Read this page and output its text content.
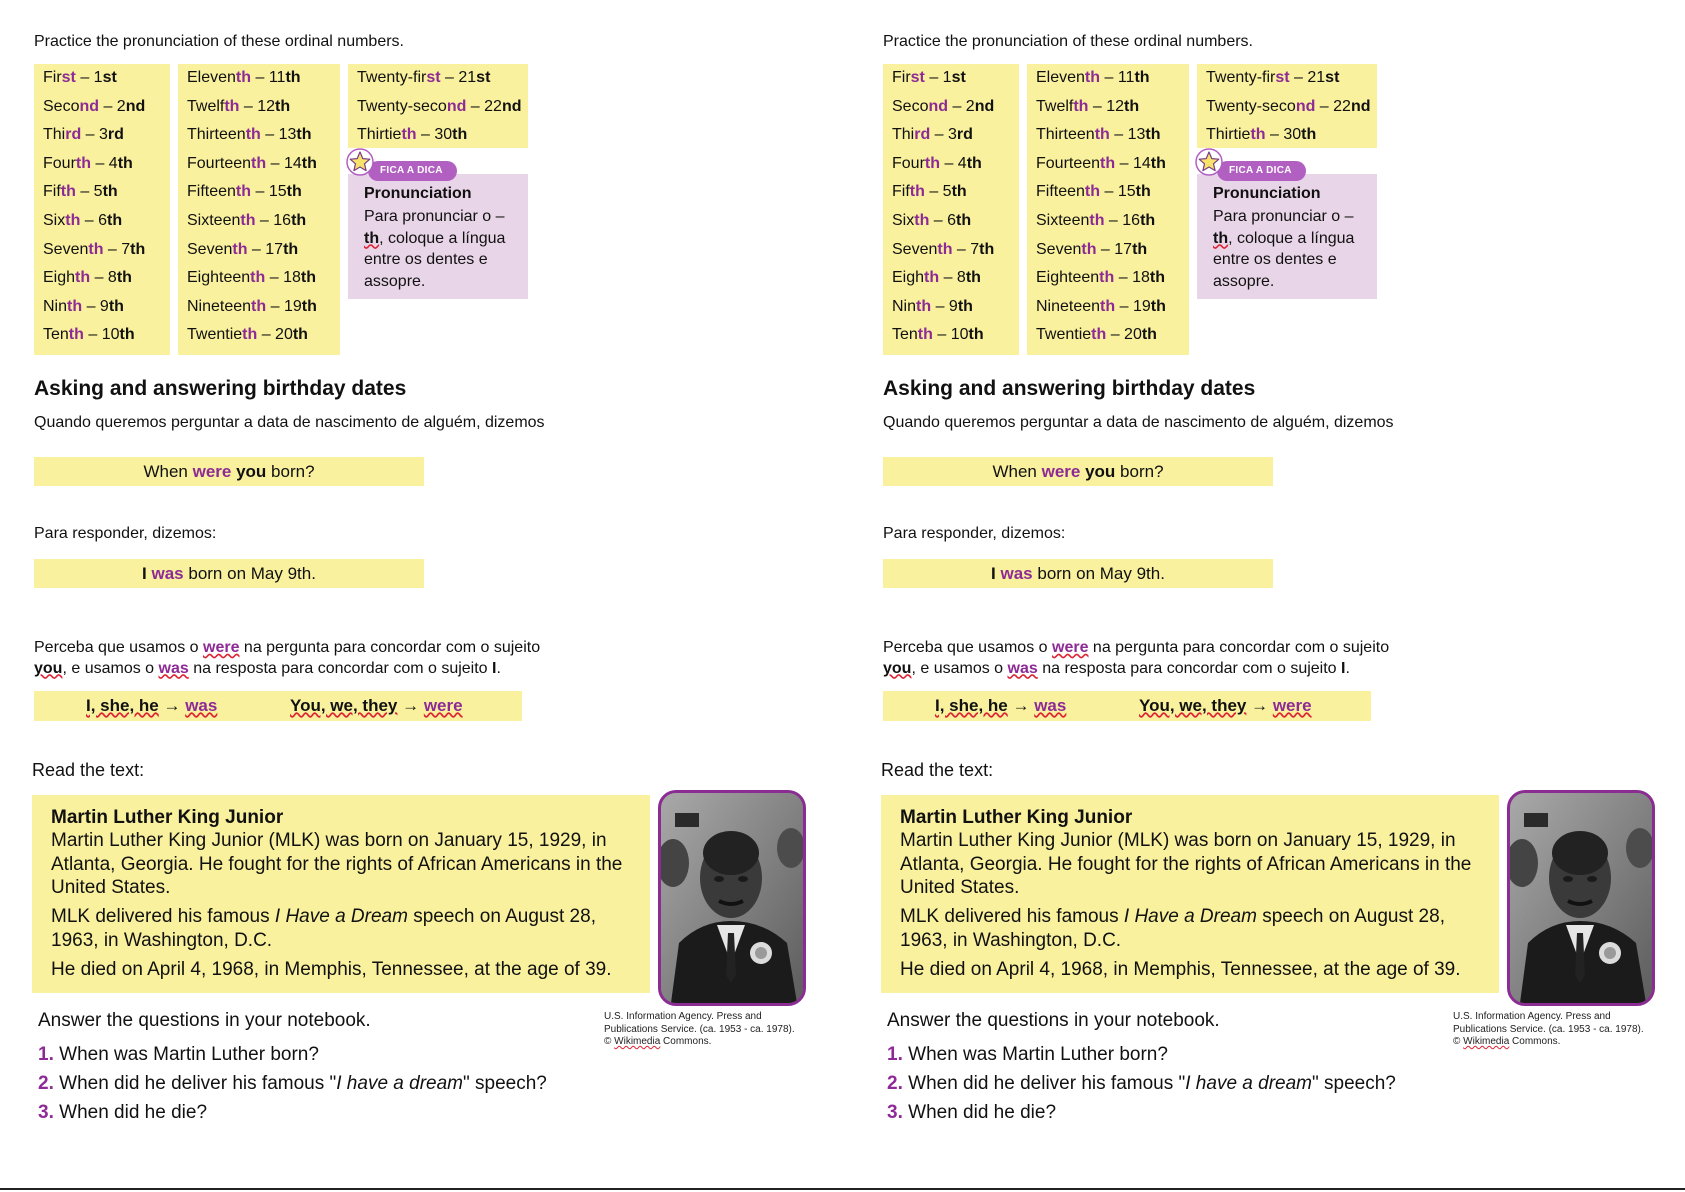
Practice the pronunciation of these ordinal numbers.
First – 1st
Second – 2nd
Third – 3rd
Fourth – 4th
Fifth – 5th
Sixth – 6th
Seventh – 7th
Eighth – 8th
Ninth – 9th
Tenth – 10th
Eleventh – 11th
Twelfth – 12th
Thirteenth – 13th
Fourteenth – 14th
Fifteenth – 15th
Sixteenth – 16th
Seventh – 17th
Eighteenth – 18th
Nineteenth – 19th
Twentieth – 20th
Twenty-first – 21st
Twenty-second – 22nd
Thirtieth – 30th
FICA A DICA
Pronunciation
Para pronunciar o –
th, coloque a língua entre os dentes e assopre.
Asking and answering birthday dates
Quando queremos perguntar a data de nascimento de alguém, dizemos
When were you born?
Para responder, dizemos:
I was born on May 9th.
Perceba que usamos o were na pergunta para concordar com o sujeito
you, e usamos o was na resposta para concordar com o sujeito I.
I, she, he → was	You, we, they → were
Read the text:
Martin Luther King Junior
Martin Luther King Junior (MLK) was born on January 15, 1929, in Atlanta, Georgia. He fought for the rights of African Americans in the United States.
MLK delivered his famous I Have a Dream speech on August 28, 1963, in Washington, D.C.
He died on April 4, 1968, in Memphis, Tennessee, at the age of 39.
U.S. Information Agency. Press and
Publications Service. (ca. 1953 - ca. 1978).
© Wikimedia Commons.
Answer the questions in your notebook.
1. When was Martin Luther born?
2. When did he deliver his famous "I have a dream" speech?
3. When did he die?
Practice the pronunciation of these ordinal numbers.
First – 1st
Second – 2nd
Third – 3rd
Fourth – 4th
Fifth – 5th
Sixth – 6th
Seventh – 7th
Eighth – 8th
Ninth – 9th
Tenth – 10th
Eleventh – 11th
Twelfth – 12th
Thirteenth – 13th
Fourteenth – 14th
Fifteenth – 15th
Sixteenth – 16th
Seventh – 17th
Eighteenth – 18th
Nineteenth – 19th
Twentieth – 20th
Twenty-first – 21st
Twenty-second – 22nd
Thirtieth – 30th
FICA A DICA
Pronunciation
Para pronunciar o –
th, coloque a língua entre os dentes e assopre.
Asking and answering birthday dates
Quando queremos perguntar a data de nascimento de alguém, dizemos
When were you born?
Para responder, dizemos:
I was born on May 9th.
Perceba que usamos o were na pergunta para concordar com o sujeito
you, e usamos o was na resposta para concordar com o sujeito I.
I, she, he → was	You, we, they → were
Read the text:
Martin Luther King Junior
Martin Luther King Junior (MLK) was born on January 15, 1929, in Atlanta, Georgia. He fought for the rights of African Americans in the United States.
MLK delivered his famous I Have a Dream speech on August 28, 1963, in Washington, D.C.
He died on April 4, 1968, in Memphis, Tennessee, at the age of 39.
U.S. Information Agency. Press and
Publications Service. (ca. 1953 - ca. 1978).
© Wikimedia Commons.
Answer the questions in your notebook.
1. When was Martin Luther born?
2. When did he deliver his famous "I have a dream" speech?
3. When did he die?
